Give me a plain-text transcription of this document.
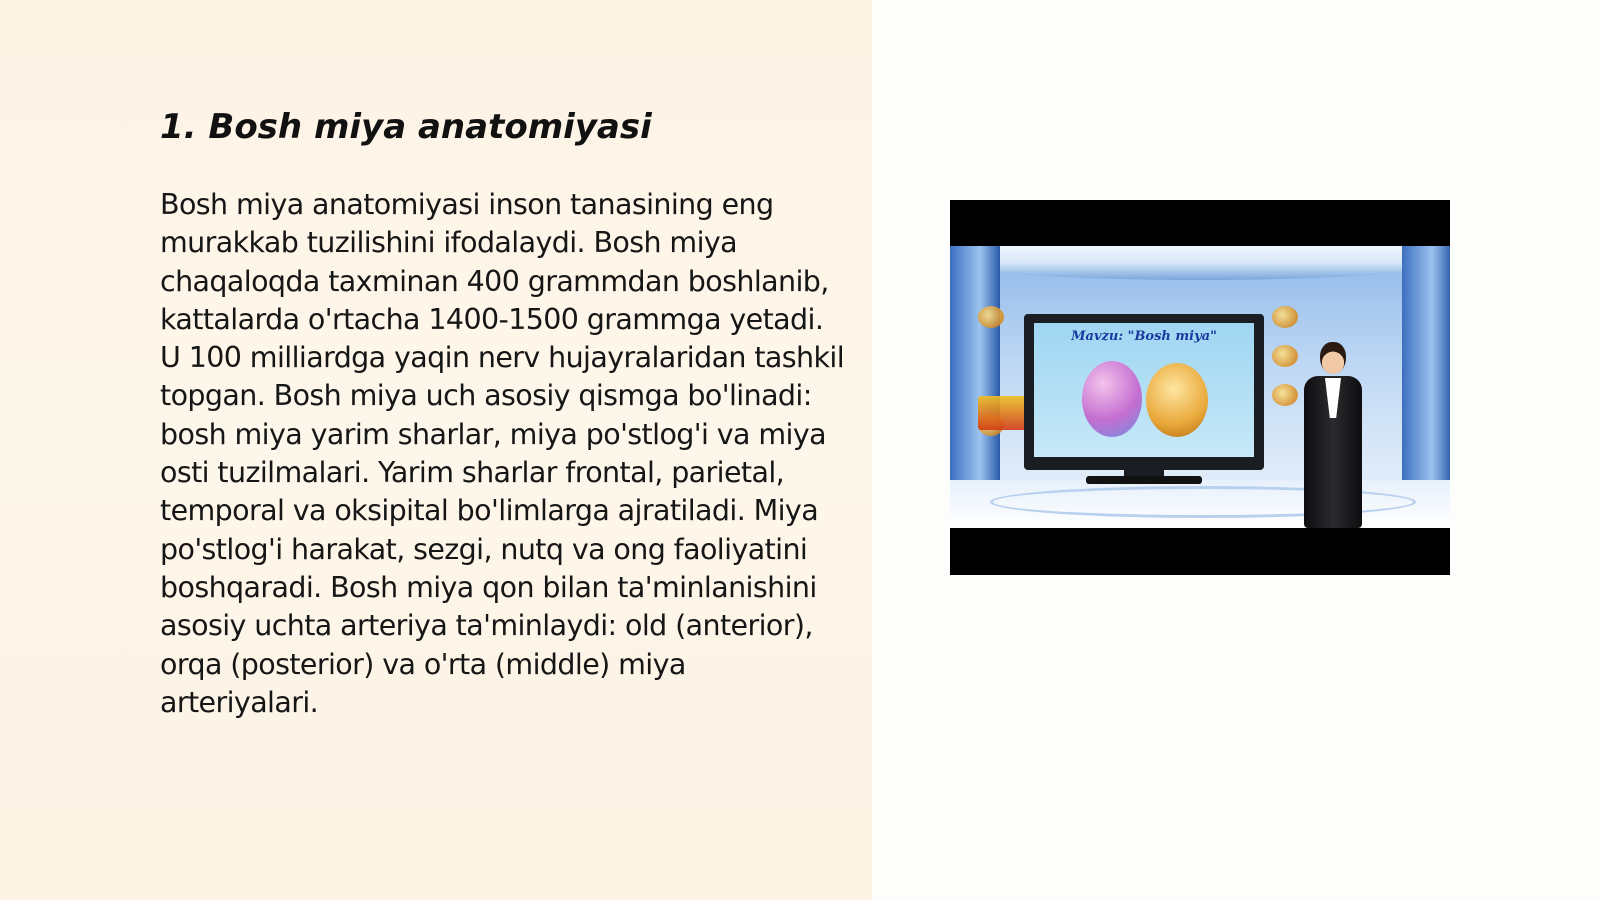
1. Bosh miya anatomiyasi

Bosh miya anatomiyasi inson tanasining eng murakkab tuzilishini ifodalaydi. Bosh miya chaqaloqda taxminan 400 grammdan boshlanib, kattalarda o'rtacha 1400-1500 grammga yetadi. U 100 milliardga yaqin nerv hujayralaridan tashkil topgan. Bosh miya uch asosiy qismga bo'linadi: bosh miya yarim sharlar, miya po'stlog'i va miya osti tuzilmalari. Yarim sharlar frontal, parietal, temporal va oksipital bo'limlarga ajratiladi. Miya po'stlog'i harakat, sezgi, nutq va ong faoliyatini boshqaradi. Bosh miya qon bilan ta'minlanishini asosiy uchta arteriya ta'minlaydi: old (anterior), orqa (posterior) va o'rta (middle) miya arteriyalari.

Mavzu: "Bosh miya"
